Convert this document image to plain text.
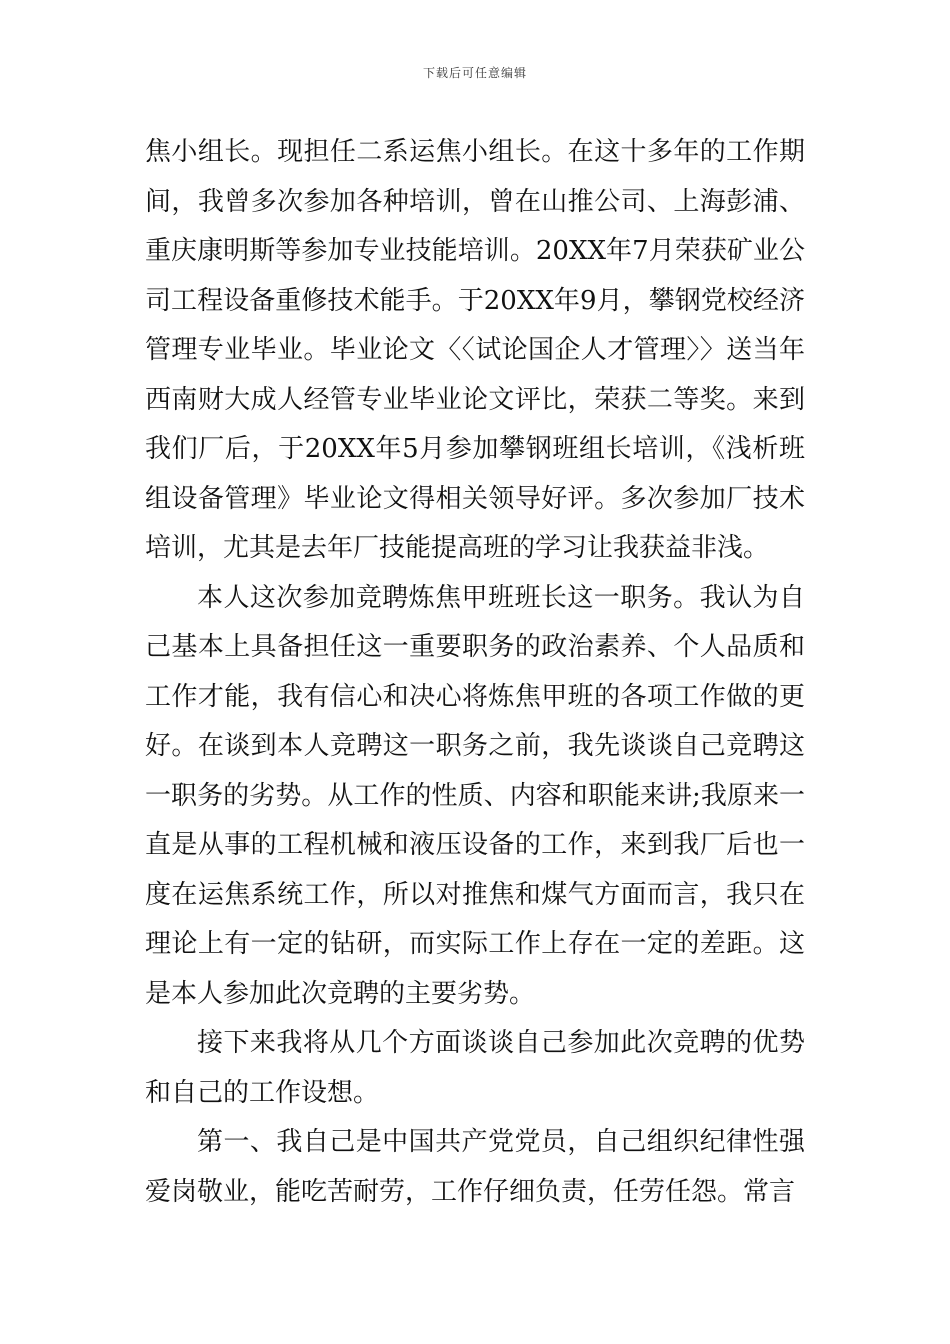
下载后可任意编辑

焦小组长。现担任二系运焦小组长。在这十多年的工作期间，我曾多次参加各种培训，曾在山推公司、上海彭浦、重庆康明斯等参加专业技能培训。20XX年7月荣获矿业公司工程设备重修技术能手。于20XX年9月，攀钢党校经济管理专业毕业。毕业论文〈〈试论国企人才管理〉〉送当年西南财大成人经管专业毕业论文评比，荣获二等奖。来到我们厂后，于20XX年5月参加攀钢班组长培训，《浅析班组设备管理》毕业论文得相关领导好评。多次参加厂技术培训，尤其是去年厂技能提高班的学习让我获益非浅。

本人这次参加竞聘炼焦甲班班长这一职务。我认为自己基本上具备担任这一重要职务的政治素养、个人品质和工作才能，我有信心和决心将炼焦甲班的各项工作做的更好。在谈到本人竞聘这一职务之前，我先谈谈自己竞聘这一职务的劣势。从工作的性质、内容和职能来讲;我原来一直是从事的工程机械和液压设备的工作，来到我厂后也一度在运焦系统工作，所以对推焦和煤气方面而言，我只在理论上有一定的钻研，而实际工作上存在一定的差距。这是本人参加此次竞聘的主要劣势。

接下来我将从几个方面谈谈自己参加此次竞聘的优势和自己的工作设想。

第一、我自己是中国共产党党员，自己组织纪律性强爱岗敬业，能吃苦耐劳，工作仔细负责，任劳任怨。常言
